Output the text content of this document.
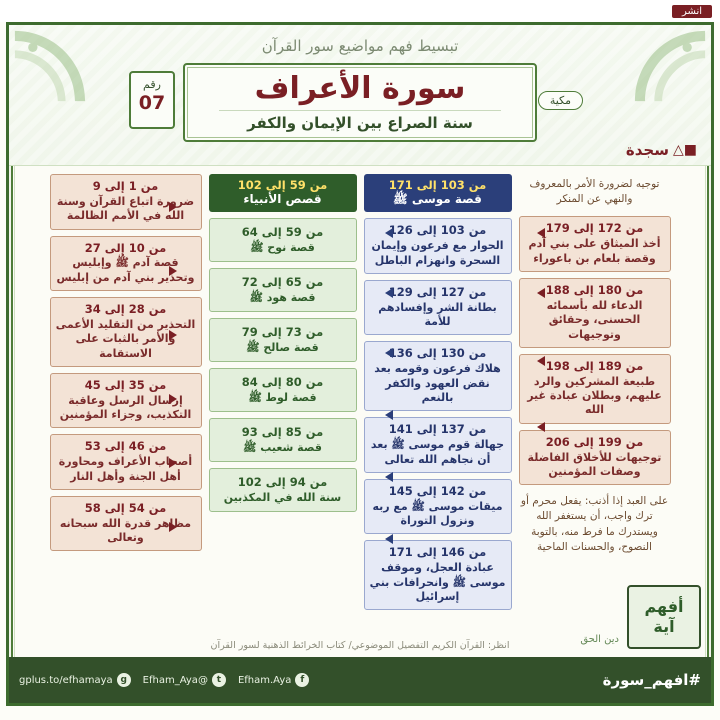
انشر
تبسيط فهم مواضيع سور القرآن
رقم
07	مكية
سورة الأعراف
سنة الصراع بين الإيمان والكفر
■△
سجدة
توجيه لضرورة الأمر بالمعروف والنهي عن المنكر
من 172 إلى 179
أخذ الميثاق على بني آدم وقصة بلعام بن باعوراء
من 180 إلى 188
الدعاء لله بأسمائه الحسنى، وحقائق وتوجيهات
من 189 إلى 198
طبيعة المشركين والرد عليهم، وبطلان عبادة غير الله
من 199 إلى 206
توجيهات للأخلاق الفاضلة وصفات المؤمنين
على العبد إذا أذنب: يفعل محرم أو ترك واجب، أن يستغفر الله ويستدرك ما فرط منه، بالتوبة النصوح، والحسنات الماحية
من 103 إلى 171
قصة موسى ﷺ
من 103 إلى 126
الحوار مع فرعون وإيمان السحرة وانهزام الباطل
من 127 إلى 129
بطانة الشر وإفسادهم للأمة
من 130 إلى 136
هلاك فرعون وقومه بعد نقض العهود والكفر بالنعم
من 137 إلى 141
جهالة قوم موسى ﷺ بعد أن نجاهم الله تعالى
من 142 إلى 145
ميقات موسى ﷺ مع ربه ونزول التوراة
من 146 إلى 171
عبادة العجل، وموقف موسى ﷺ وانحرافات بني إسرائيل
من 59 إلى 102
قصص الأنبياء
من 59 إلى 64
قصة نوح ﷺ
من 65 إلى 72
قصة هود ﷺ
من 73 إلى 79
قصة صالح ﷺ
من 80 إلى 84
قصة لوط ﷺ
من 85 إلى 93
قصة شعيب ﷺ
من 94 إلى 102
سنة الله في المكذبين
من 1 إلى 9
ضرورة اتباع القرآن وسنة الله في الأمم الظالمة
من 10 إلى 27
قصة آدم ﷺ وإبليس وتحذير بني آدم من إبليس
من 28 إلى 34
التحذير من التقليد الأعمى والأمر بالثبات على الاستقامة
من 35 إلى 45
إرسال الرسل وعاقبة التكذيب، وجزاء المؤمنين
من 46 إلى 53
أصحاب الأعراف ومحاورة أهل الجنة وأهل النار
من 54 إلى 58
مظاهر قدرة الله سبحانه وتعالى
انظر: القرآن الكريم التفصيل الموضوعي/ كتاب الخرائط الذهنية لسور القرآن
أفهم
آية
دين الحق
#افهم_سورة
f
Efham.Aya
t
@Efham_Aya
g
gplus.to/efhamaya
